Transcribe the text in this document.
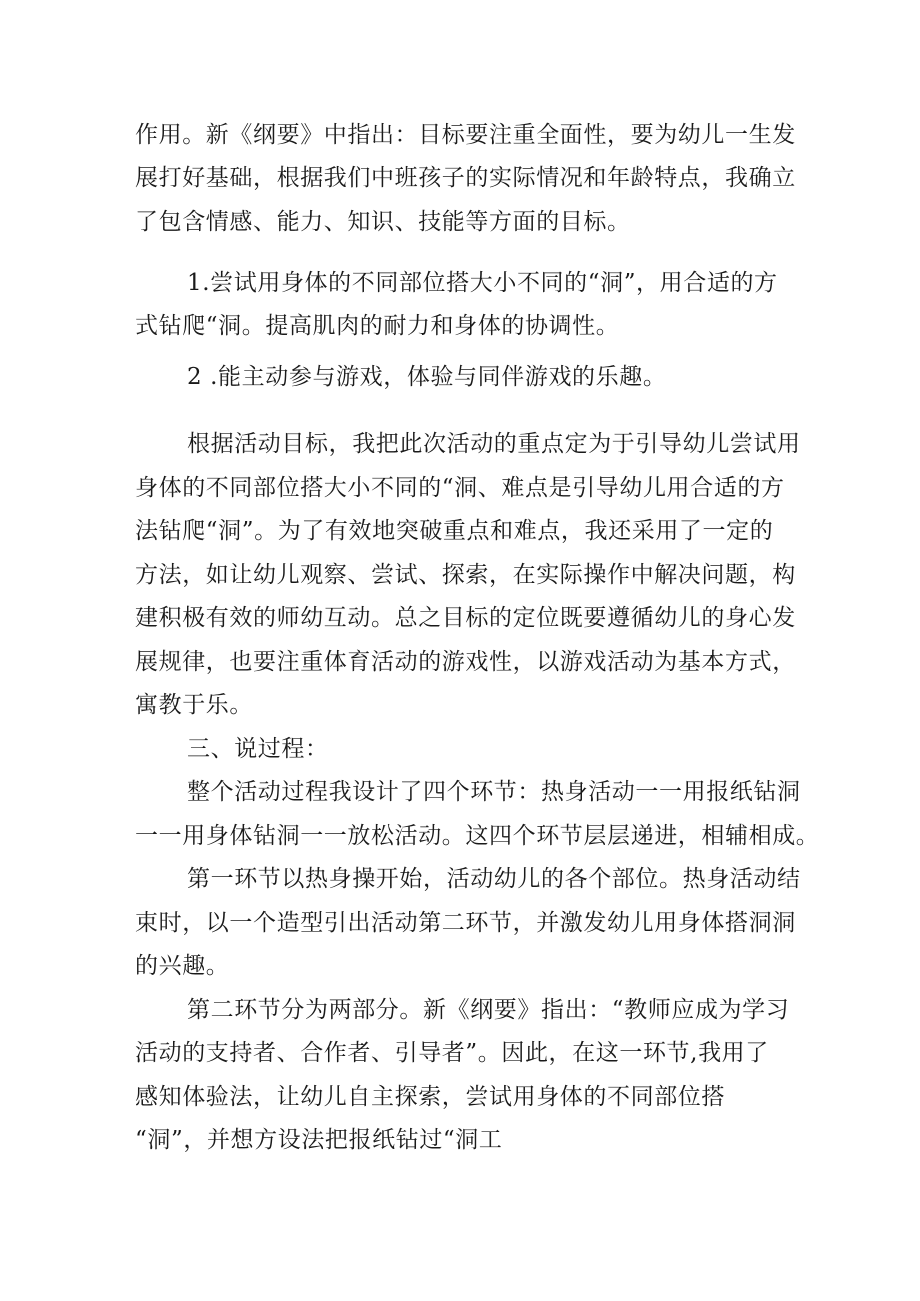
作用。新《纲要》中指出：目标要注重全面性，要为幼儿一生发
展打好基础，根据我们中班孩子的实际情况和年龄特点，我确立
了包含情感、能力、知识、技能等方面的目标。
1.尝试用身体的不同部位搭大小不同的“洞”，用合适的方
式钻爬“洞。提高肌肉的耐力和身体的协调性。
2 .能主动参与游戏，体验与同伴游戏的乐趣。
根据活动目标，我把此次活动的重点定为于引导幼儿尝试用
身体的不同部位搭大小不同的“洞、难点是引导幼儿用合适的方
法钻爬“洞”。为了有效地突破重点和难点，我还采用了一定的
方法，如让幼儿观察、尝试、探索，在实际操作中解决问题，构
建积极有效的师幼互动。总之目标的定位既要遵循幼儿的身心发
展规律，也要注重体育活动的游戏性，以游戏活动为基本方式，
寓教于乐。
三、说过程：
整个活动过程我设计了四个环节：热身活动一一用报纸钻洞
一一用身体钻洞一一放松活动。这四个环节层层递进，相辅相成。
第一环节以热身操开始，活动幼儿的各个部位。热身活动结
束时，以一个造型引出活动第二环节，并激发幼儿用身体搭洞洞
的兴趣。
第二环节分为两部分。新《纲要》指出：“教师应成为学习
活动的支持者、合作者、引导者”。因此，在这一环节,我用了
感知体验法，让幼儿自主探索，尝试用身体的不同部位搭
“洞”，并想方设法把报纸钻过“洞工
